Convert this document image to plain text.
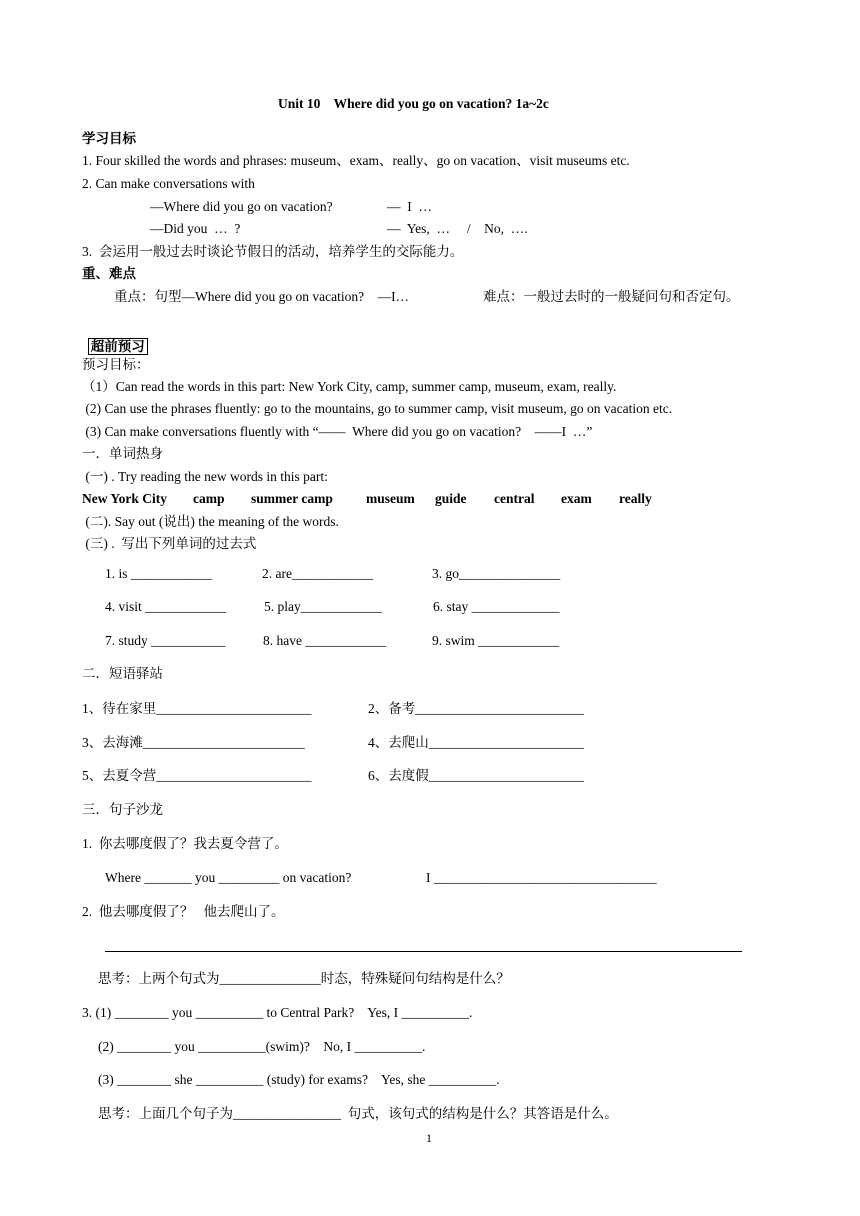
Unit 10    Where did you go on vacation? 1a~2c
学习目标
1. Four skilled the words and phrases: museum、exam、really、go on vacation、visit museums etc.
2. Can make conversations with
—Where did you go on vacation?	—  I  …
—Did you  …  ?	—  Yes,  …     /    No,  ….
3.  会运用一般过去时谈论节假日的活动，培养学生的交际能力。
重、难点
重点：句型—Where did you go on vacation?    —I…	难点：一般过去时的一般疑问句和否定句。

超前预习

预习目标：
（1）Can read the words in this part: New York City, camp, summer camp, museum, exam, really.
(2) Can use the phrases fluently: go to the mountains, go to summer camp, visit museum, go on vacation etc.
(3) Can make conversations fluently with “——  Where did you go on vacation?    ——I  …”
一．单词热身
(一) . Try reading the new words in this part:
New York City camp summer camp museum guide central exam really
(二). Say out (说出) the meaning of the words.
(三) .  写出下列单词的过去式
1. is ____________	2. are____________	3. go_______________
4. visit ____________	5. play____________	6. stay _____________
7. study ___________	8. have ____________	9. swim ____________
二．短语驿站
1、待在家里_______________________	2、备考_________________________
3、去海滩________________________	4、去爬山_______________________
5、去夏令营_______________________	6、去度假_______________________
三．句子沙龙
1.  你去哪度假了？我去夏令营了。
Where _______ you _________ on vacation?	I _________________________________
2.  他去哪度假了？   他去爬山了。
思考：上两个句式为_______________时态，特殊疑问句结构是什么？
3. (1) ________ you __________ to Central Park?    Yes, I __________.
(2) ________ you __________(swim)?    No, I __________.
(3) ________ she __________ (study) for exams?    Yes, she __________.
思考：上面几个句子为________________  句式，该句式的结构是什么？其答语是什么。
1
